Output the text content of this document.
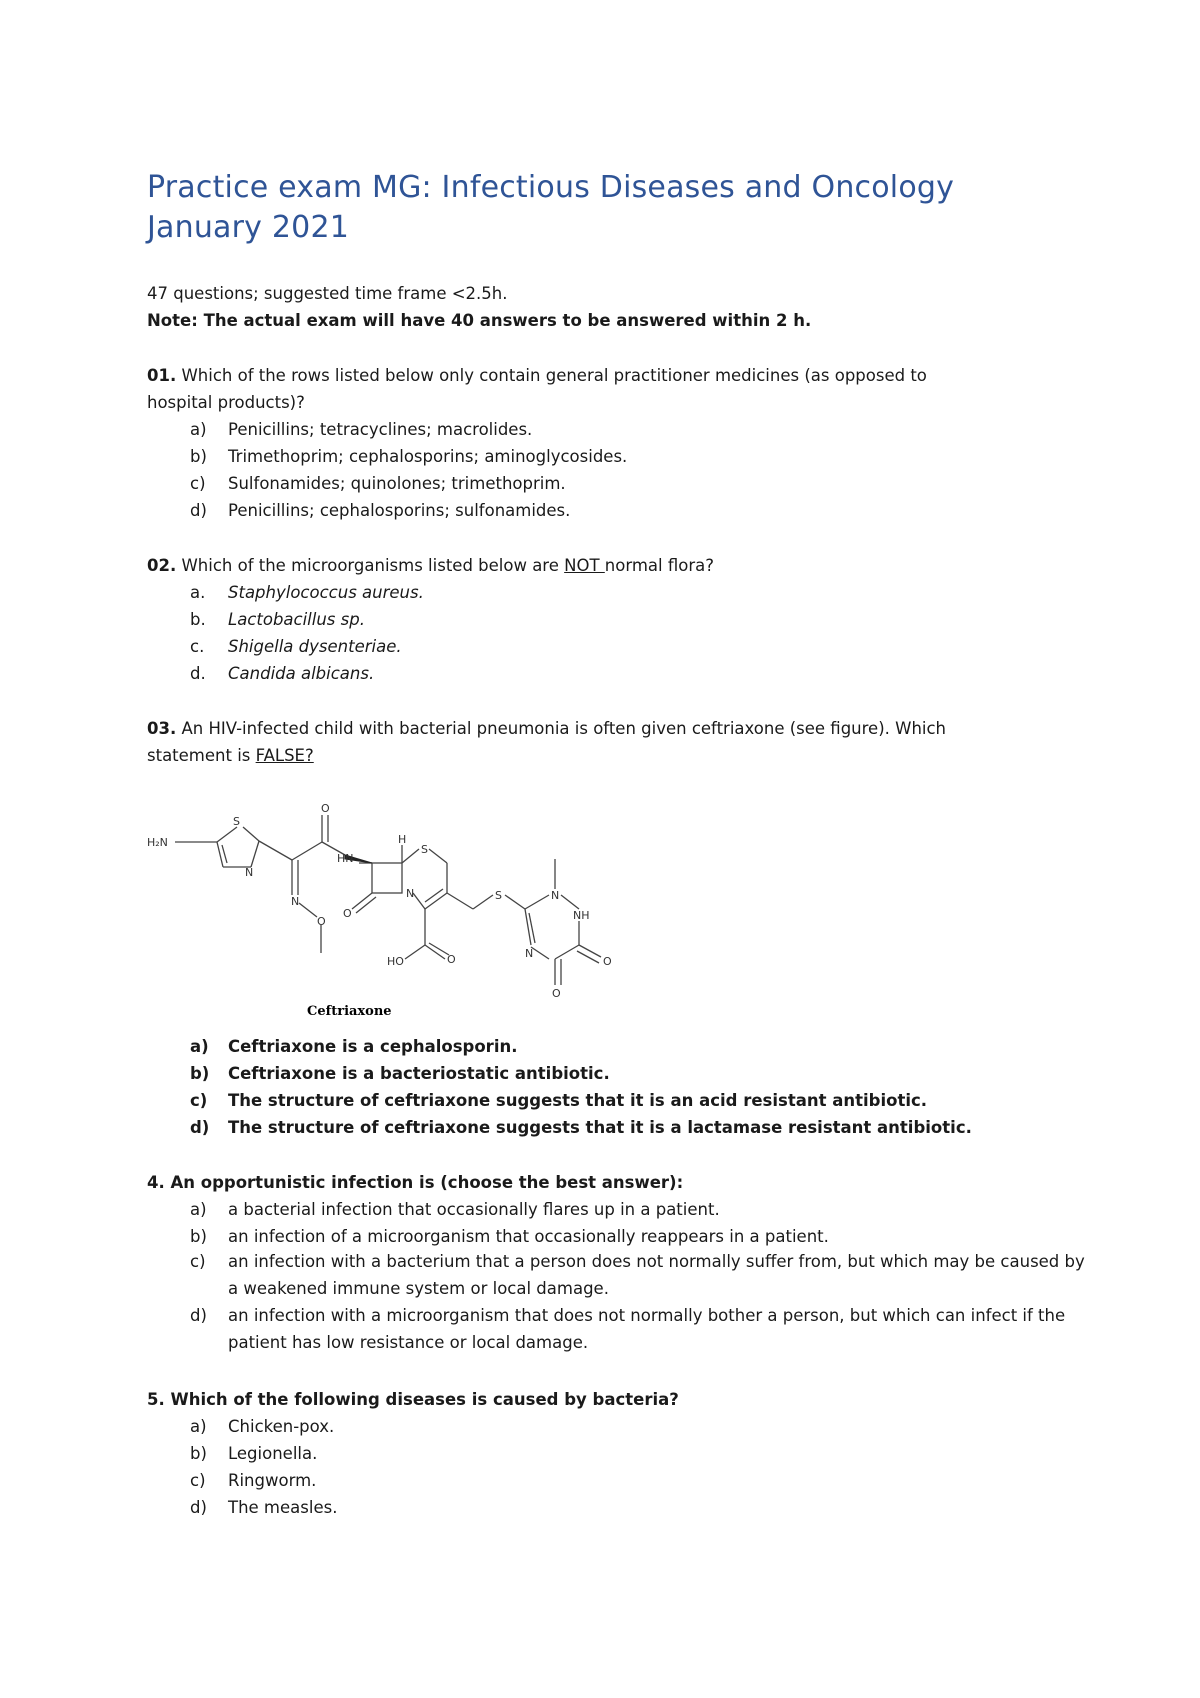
Practice exam MG: Infectious Diseases and Oncology
January 2021
47 questions; suggested time frame <2.5h.
Note: The actual exam will have 40 answers to be answered within 2 h.
01. Which of the rows listed below only contain general practitioner medicines (as opposed to
hospital products)?
a)	Penicillins; tetracyclines; macrolides.
b)	Trimethoprim; cephalosporins; aminoglycosides.
c)	Sulfonamides; quinolones; trimethoprim.
d)	Penicillins; cephalosporins; sulfonamides.
02. Which of the microorganisms listed below are NOT normal flora?
a.	Staphylococcus aureus.
b.	Lactobacillus sp.
c.	Shigella dysenteriae.
d.	Candida albicans.
03. An HIV-infected child with bacterial pneumonia is often given ceftriaxone (see figure). Which
statement is FALSE?
S
H₂N
N
O
N
O
HN
H
S
N
O
HO	O
S	N
NH
N
O
O
Ceftriaxone
a)	Ceftriaxone is a cephalosporin.
b)	Ceftriaxone is a bacteriostatic antibiotic.
c)	The structure of ceftriaxone suggests that it is an acid resistant antibiotic.
d)	The structure of ceftriaxone suggests that it is a lactamase resistant antibiotic.
4. An opportunistic infection is (choose the best answer):
a)	a bacterial infection that occasionally flares up in a patient.
b)	an infection of a microorganism that occasionally reappears in a patient.
c) an infection with a bacterium that a person does not normally suffer from, but which may be caused by a weakened immune system or local damage.
d) an infection with a microorganism that does not normally bother a person, but which can infect if the patient has low resistance or local damage.
5. Which of the following diseases is caused by bacteria?
a)	Chicken-pox.
b)	Legionella.
c)	Ringworm.
d)	The measles.
